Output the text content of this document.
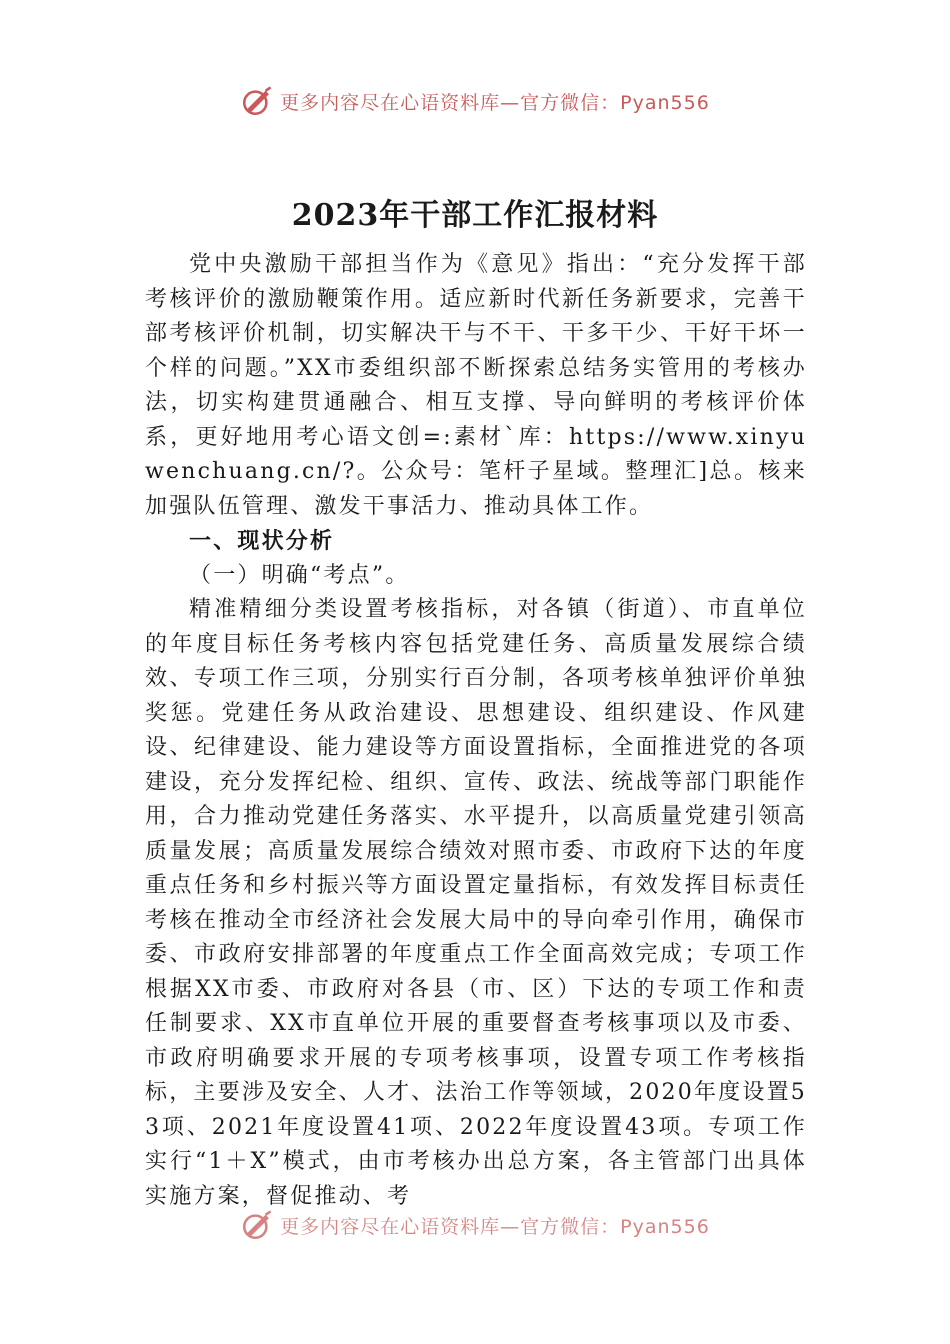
更多内容尽在心语资料库—官方微信：Pyan556
2023年干部工作汇报材料

党中央激励干部担当作为《意见》指出：“充分发挥干部考核评价的激励鞭策作用。适应新时代新任务新要求，完善干部考核评价机制，切实解决干与不干、干多干少、干好干坏一个样的问题。”XX市委组织部不断探索总结务实管用的考核办法，切实构建贯通融合、相互支撑、导向鲜明的考核评价体系，更好地用考心语文创=:素材`库：https://www.xinyuwenchuang.cn/?。公众号：笔杆子星域。整理汇]总。核来加强队伍管理、激发干事活力、推动具体工作。

一、现状分析
（一）明确“考点”。

精准精细分类设置考核指标，对各镇（街道）、市直单位的年度目标任务考核内容包括党建任务、高质量发展综合绩效、专项工作三项，分别实行百分制，各项考核单独评价单独奖惩。党建任务从政治建设、思想建设、组织建设、作风建设、纪律建设、能力建设等方面设置指标，全面推进党的各项建设，充分发挥纪检、组织、宣传、政法、统战等部门职能作用，合力推动党建任务落实、水平提升，以高质量党建引领高质量发展；高质量发展综合绩效对照市委、市政府下达的年度重点任务和乡村振兴等方面设置定量指标，有效发挥目标责任考核在推动全市经济社会发展大局中的导向牵引作用，确保市委、市政府安排部署的年度重点工作全面高效完成；专项工作根据XX市委、市政府对各县（市、区）下达的专项工作和责任制要求、XX市直单位开展的重要督查考核事项以及市委、市政府明确要求开展的专项考核事项，设置专项工作考核指标，主要涉及安全、人才、法治工作等领域，2020年度设置53项、2021年度设置41项、2022年度设置43项。专项工作实行“1＋X”模式，由市考核办出总方案，各主管部门出具体实施方案，督促推动、考

更多内容尽在心语资料库—官方微信：Pyan556
